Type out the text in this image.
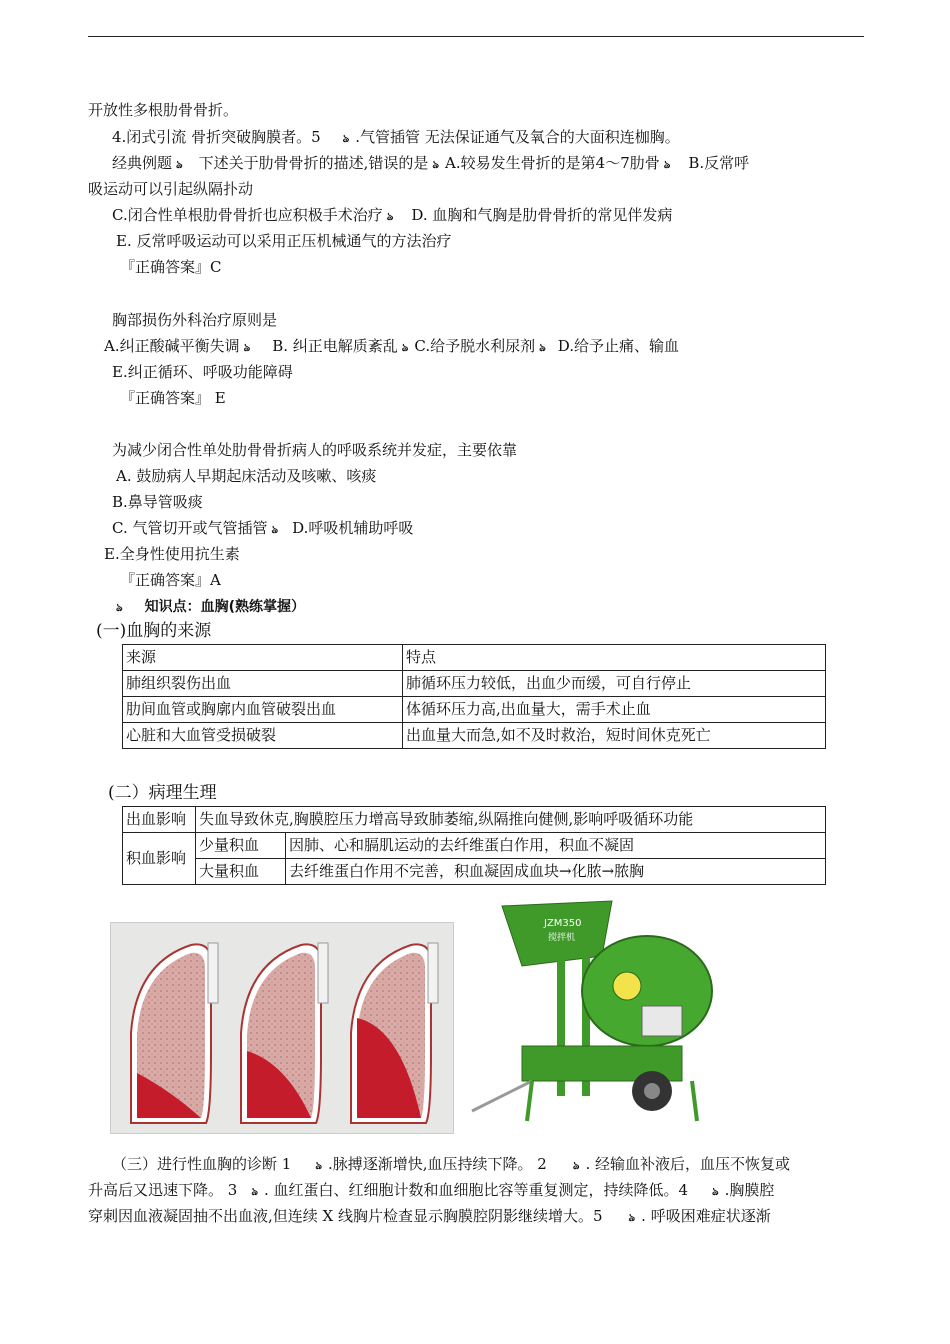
开放性多根肋骨骨折。
4.闭式引流 骨折突破胸膜者。5 ঌ .气管插管 无法保证通气及氧合的大面积连枷胸。
经典例题 ঌ 下述关于肋骨骨折的描述,错误的是 ঌ A.较易发生骨折的是第4～7肋骨 ঌ B.反常呼
吸运动可以引起纵隔扑动
C.闭合性单根肋骨骨折也应积极手术治疗 ঌ D. 血胸和气胸是肋骨骨折的常见伴发病
E. 反常呼吸运动可以采用正压机械通气的方法治疗
『正确答案』C
胸部损伤外科治疗原则是
A.纠正酸碱平衡失调 ঌ B. 纠正电解质紊乱 ঌ C.给予脱水利尿剂 ঌ D.给予止痛、输血
E.纠正循环、呼吸功能障碍
『正确答案』 E
为减少闭合性单处肋骨骨折病人的呼吸系统并发症，主要依靠
A. 鼓励病人早期起床活动及咳嗽、咳痰
B.鼻导管吸痰
C. 气管切开或气管插管 ঌ D.呼吸机辅助呼吸
E.全身性使用抗生素
『正确答案』A
ঌ 知识点：血胸(熟练掌握）
(一)血胸的来源
来源	特点
肺组织裂伤出血	肺循环压力较低，出血少而缓，可自行停止
肋间血管或胸廓内血管破裂出血	体循环压力高,出血量大，需手术止血
心脏和大血管受损破裂	出血量大而急,如不及时救治，短时间休克死亡
(二）病理生理
出血影响	失血导致休克,胸膜腔压力增高导致肺萎缩,纵隔推向健侧,影响呼吸循环功能	
积血影响	少量积血	因肺、心和膈肌运动的去纤维蛋白作用，积血不凝固
	大量积血	去纤维蛋白作用不完善，积血凝固成血块→化脓→脓胸
JZM350
搅拌机
（三）进行性血胸的诊断 1 ঌ .脉搏逐渐增快,血压持续下降。 2 ঌ . 经输血补液后，血压不恢复或
升高后又迅速下降。 3 ঌ . 血红蛋白、红细胞计数和血细胞比容等重复测定，持续降低。4 ঌ .胸膜腔
穿刺因血液凝固抽不出血液,但连续 X 线胸片检查显示胸膜腔阴影继续增大。5 ঌ . 呼吸困难症状逐渐
